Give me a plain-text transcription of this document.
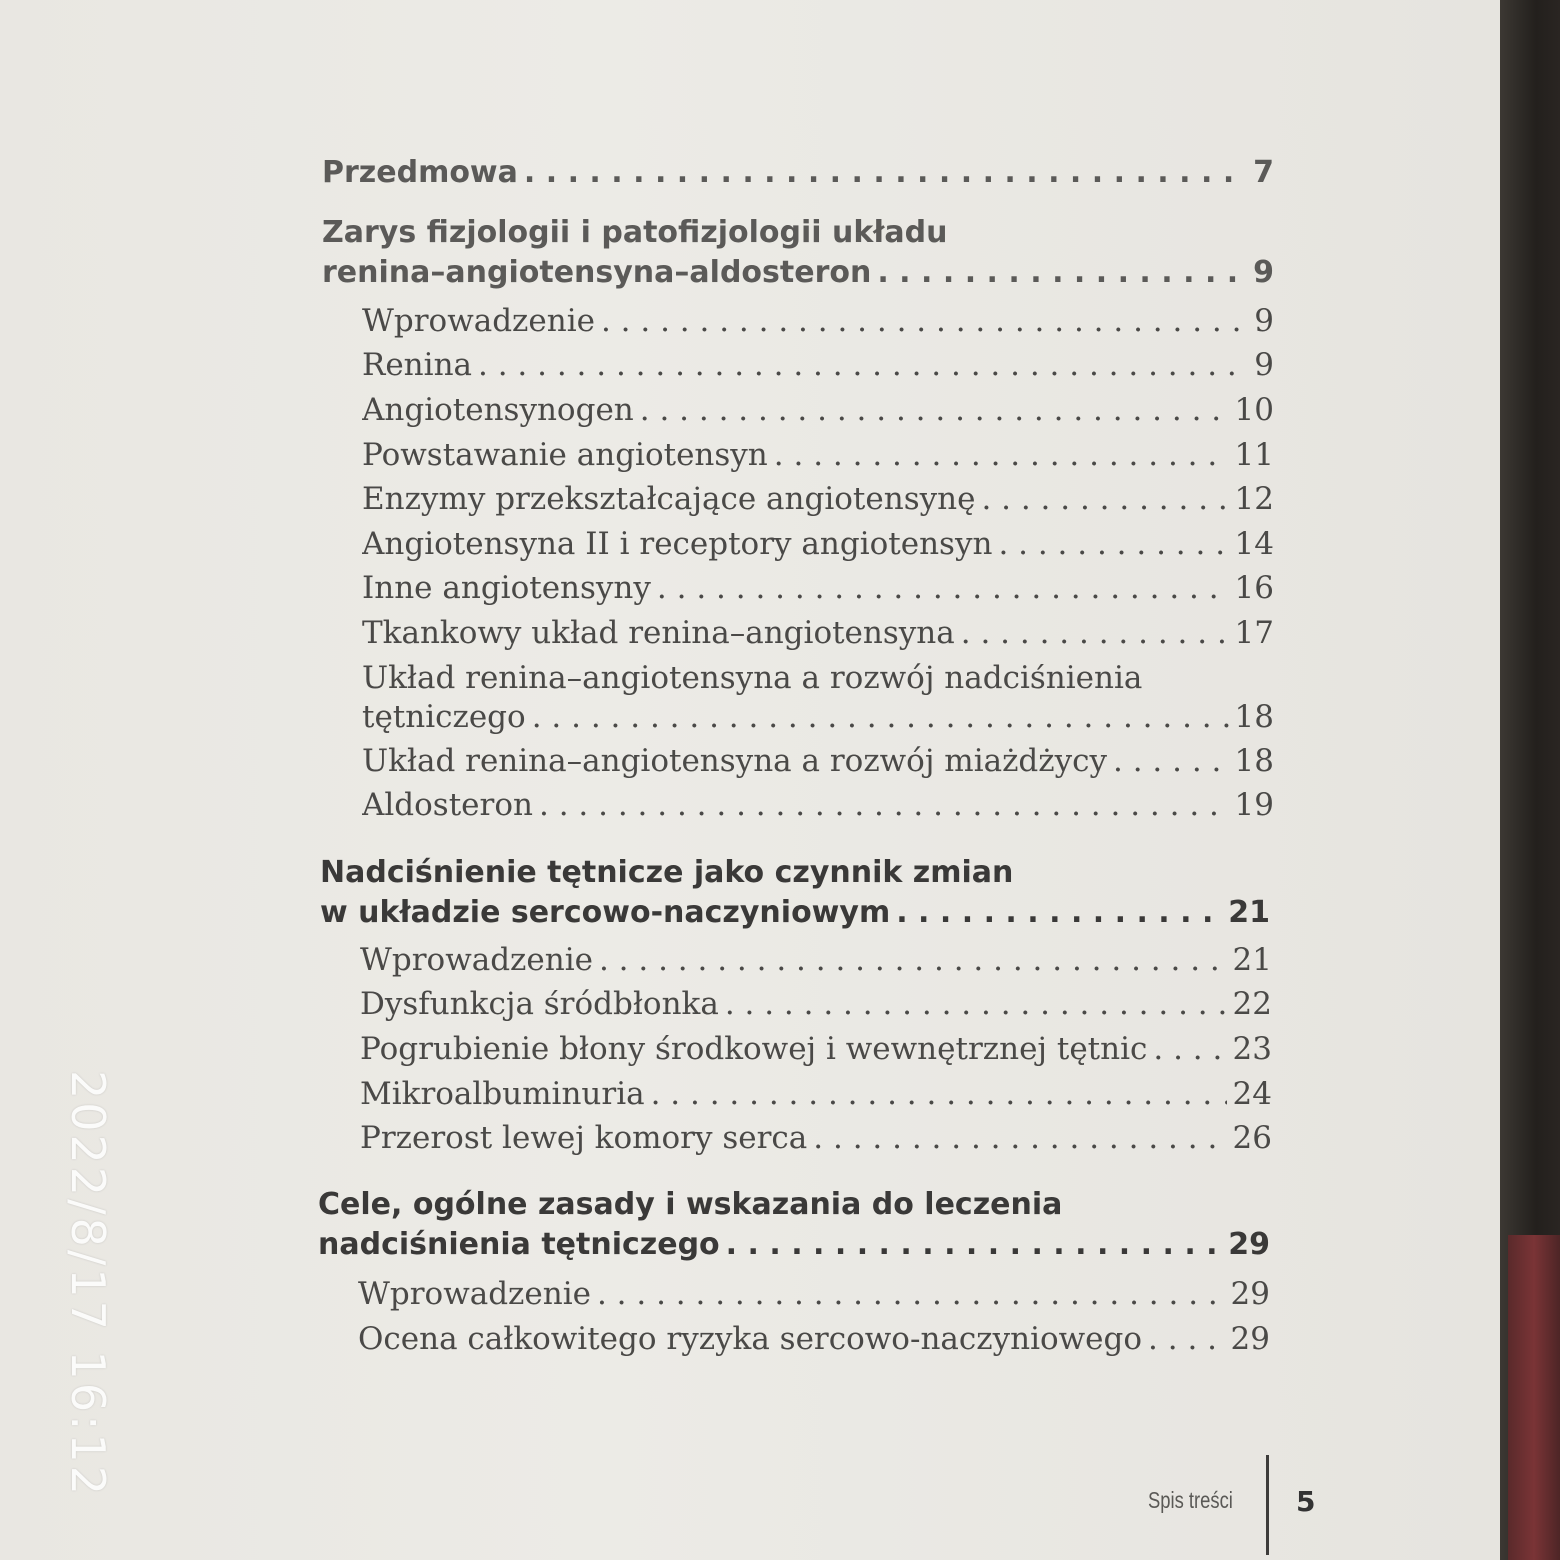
Przedmowa . . .	7
Zarys fizjologii i patofizjologii układu
renina–angiotensyna–aldosteron . . .	9
Wprowadzenie . . .	9
Renina . . .	9
Angiotensynogen . . .	10
Powstawanie angiotensyn . . .	11
Enzymy przekształcające angiotensynę . . .	12
Angiotensyna II i receptory angiotensyn . . .	14
Inne angiotensyny . . .	16
Tkankowy układ renina–angiotensyna . . .	17
Układ renina–angiotensyna a rozwój nadciśnienia
tętniczego . . .	18
Układ renina–angiotensyna a rozwój miażdżycy . . .	18
Aldosteron . . .	19
Nadciśnienie tętnicze jako czynnik zmian
w układzie sercowo-naczyniowym . . .	21
Wprowadzenie . . .	21
Dysfunkcja śródbłonka . . .	22
Pogrubienie błony środkowej i wewnętrznej tętnic . . .	23
Mikroalbuminuria . . .	24
Przerost lewej komory serca . . .	26
Cele, ogólne zasady i wskazania do leczenia
nadciśnienia tętniczego . . .	29
Wprowadzenie . . .	29
Ocena całkowitego ryzyka sercowo-naczyniowego . . .	29
Spis treści 5
2022/8/17 16:12
